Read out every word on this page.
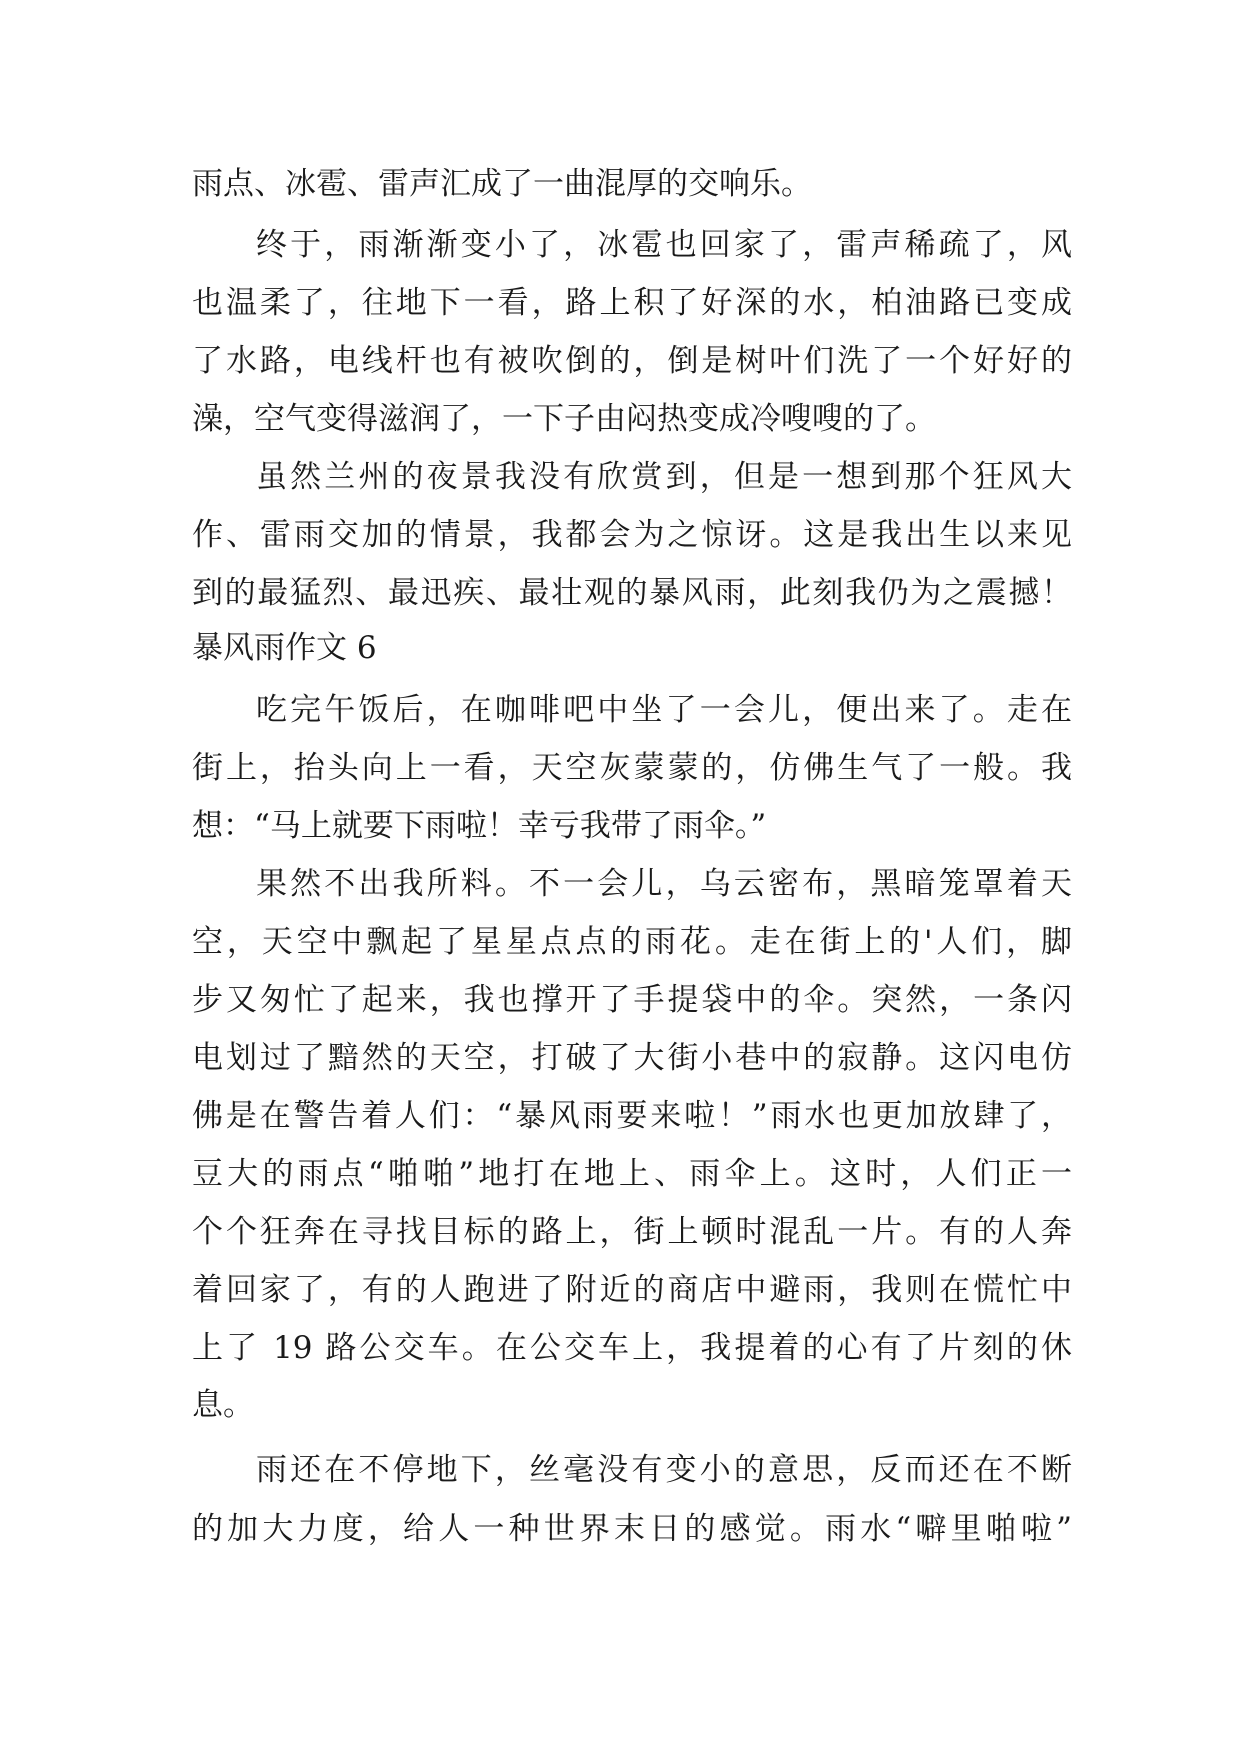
雨点、冰雹、雷声汇成了一曲混厚的交响乐。
终于，雨渐渐变小了，冰雹也回家了，雷声稀疏了，风
也温柔了，往地下一看，路上积了好深的水，柏油路已变成
了水路，电线杆也有被吹倒的，倒是树叶们洗了一个好好的
澡，空气变得滋润了，一下子由闷热变成冷嗖嗖的了。
虽然兰州的夜景我没有欣赏到，但是一想到那个狂风大
作、雷雨交加的情景，我都会为之惊讶。这是我出生以来见
到的最猛烈、最迅疾、最壮观的暴风雨，此刻我仍为之震撼！
暴风雨作文 6
吃完午饭后，在咖啡吧中坐了一会儿，便出来了。走在
街上，抬头向上一看，天空灰蒙蒙的，仿佛生气了一般。我
想：“马上就要下雨啦！幸亏我带了雨伞。”
果然不出我所料。不一会儿，乌云密布，黑暗笼罩着天
空，天空中飘起了星星点点的雨花。走在街上的'人们，脚
步又匆忙了起来，我也撑开了手提袋中的伞。突然，一条闪
电划过了黯然的天空，打破了大街小巷中的寂静。这闪电仿
佛是在警告着人们：“暴风雨要来啦！”雨水也更加放肆了，
豆大的雨点“啪啪”地打在地上、雨伞上。这时，人们正一
个个狂奔在寻找目标的路上，街上顿时混乱一片。有的人奔
着回家了，有的人跑进了附近的商店中避雨，我则在慌忙中
上了 19 路公交车。在公交车上，我提着的心有了片刻的休
息。
雨还在不停地下，丝毫没有变小的意思，反而还在不断
的加大力度，给人一种世界末日的感觉。雨水“噼里啪啦”
